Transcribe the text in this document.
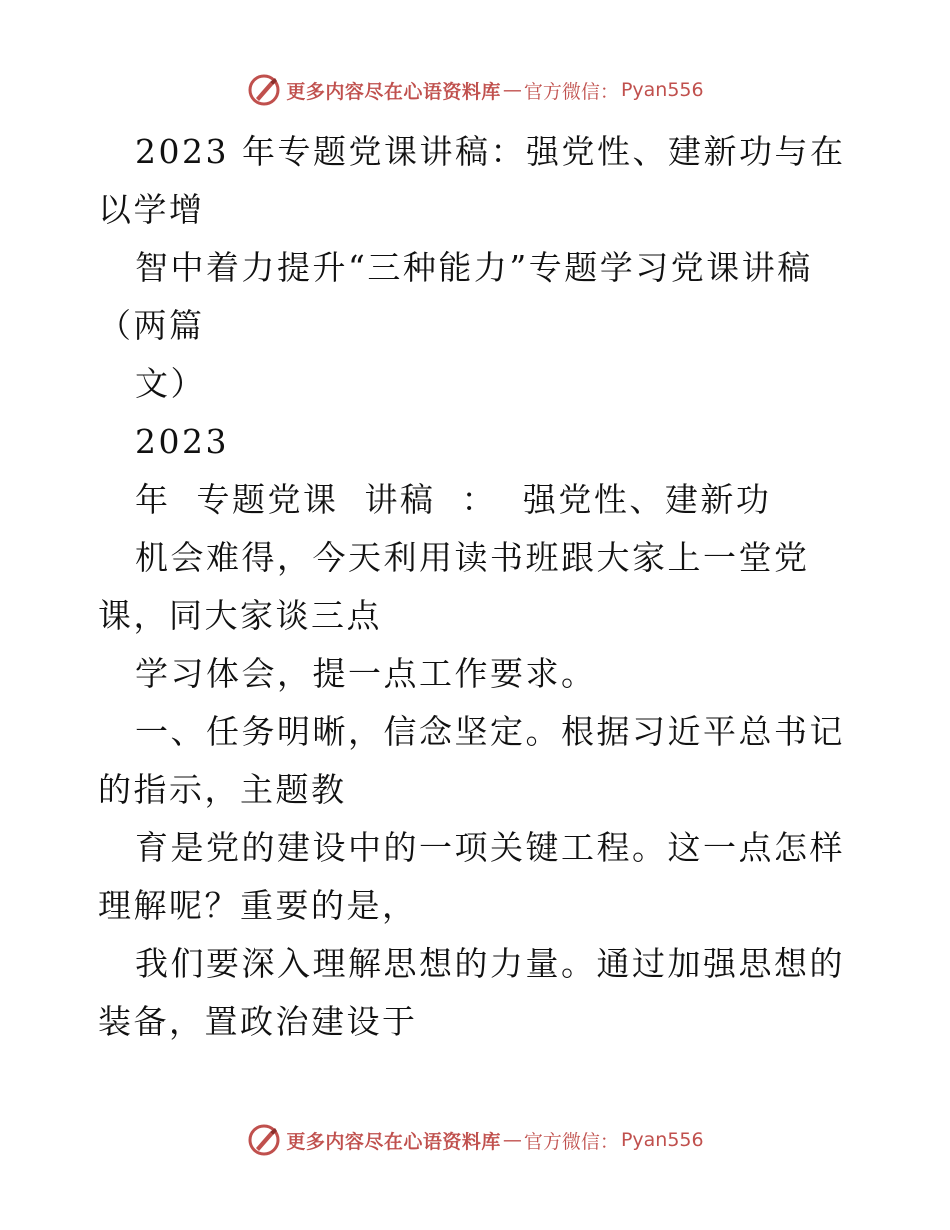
更多内容尽在心语资料库 — 官方微信： Pyan556

2023 年专题党课讲稿：强党性、建新功与在以学增

智中着力提升“三种能力”专题学习党课讲稿（两篇

文）

2023

年  专题党课  讲稿  ：  强党性、建新功

机会难得，今天利用读书班跟大家上一堂党课，同大家谈三点

学习体会，提一点工作要求。

一、任务明晰，信念坚定。根据习近平总书记的指示，主题教

育是党的建设中的一项关键工程。这一点怎样理解呢？重要的是，

我们要深入理解思想的力量。通过加强思想的装备，置政治建设于

更多内容尽在心语资料库 — 官方微信： Pyan556
